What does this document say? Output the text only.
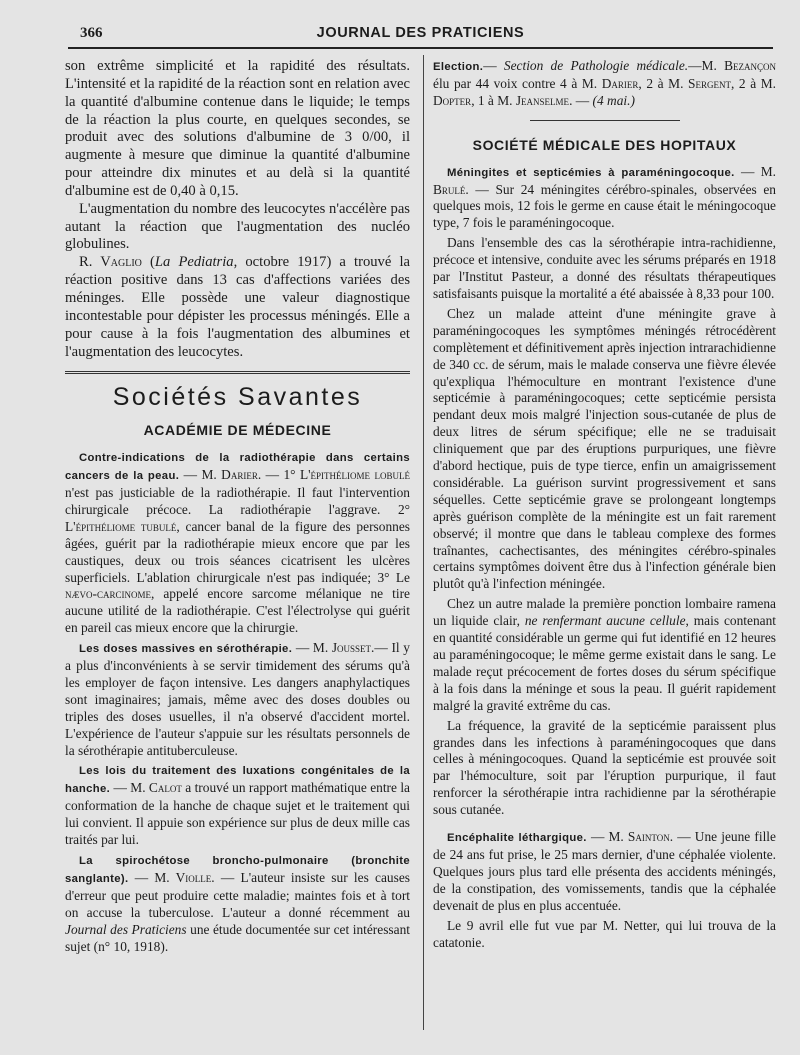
366	JOURNAL DES PRATICIENS

son extrême simplicité et la rapidité des résultats. L'intensité et la rapidité de la réaction sont en relation avec la quantité d'albumine contenue dans le liquide; le temps de la réaction la plus courte, en quelques secondes, se produit avec des solutions d'albumine de 3 0/00, il augmente à mesure que diminue la quantité d'albumine pour atteindre dix minutes et au delà si la quantité d'albumine est de 0,40 à 0,15.

L'augmentation du nombre des leucocytes n'accélère pas autant la réaction que l'augmentation des nucléo globulines.

R. Vaglio (La Pediatria, octobre 1917) a trouvé la réaction positive dans 13 cas d'affections variées des méninges. Elle possède une valeur diagnostique incontestable pour dépister les processus méningés. Elle a pour cause à la fois l'augmentation des albumines et l'augmentation des leucocytes.

Sociétés Savantes
ACADÉMIE DE MÉDECINE

Contre-indications de la radiothérapie dans certains cancers de la peau. — M. Darier. — 1° L'épithéliome lobulé n'est pas justiciable de la radiothérapie. Il faut l'intervention chirurgicale précoce. La radiothérapie l'aggrave. 2° L'épithéliome tubulé, cancer banal de la figure des personnes âgées, guérit par la radiothérapie mieux encore que par les caustiques, deux ou trois séances cicatrisent les ulcères superficiels. L'ablation chirurgicale n'est pas indiquée; 3° Le nævo-carcinome, appelé encore sarcome mélanique ne tire aucune utilité de la radiothérapie. C'est l'électrolyse qui guérit en pareil cas mieux encore que la chirurgie.

Les doses massives en sérothérapie. — M. Jousset.— Il y a plus d'inconvénients à se servir timidement des sérums qu'à les employer de façon intensive. Les dangers anaphylactiques sont imaginaires; jamais, même avec des doses doubles ou triples des doses usuelles, il n'a observé d'accident mortel. L'expérience de l'auteur s'appuie sur les résultats personnels de la sérothérapie antituberculeuse.

Les lois du traitement des luxations congénitales de la hanche. — M. Calot a trouvé un rapport mathématique entre la conformation de la hanche de chaque sujet et le traitement qui lui convient. Il appuie son expérience sur plus de deux mille cas traités par lui.

La spirochétose broncho-pulmonaire (bronchite sanglante). — M. Violle. — L'auteur insiste sur les causes d'erreur que peut produire cette maladie; maintes fois et à tort on accuse la tuberculose. L'auteur a donné récemment au Journal des Praticiens une étude documentée sur cet intéressant sujet (n° 10, 1918).

Election.— Section de Pathologie médicale.—M. Bezançon élu par 44 voix contre 4 à M. Darier, 2 à M. Sergent, 2 à M. Dopter, 1 à M. Jeanselme. — (4 mai.)

SOCIÉTÉ MÉDICALE DES HOPITAUX

Méningites et septicémies à paraméningocoque. — M. Brulé. — Sur 24 méningites cérébro-spinales, observées en quelques mois, 12 fois le germe en cause était le méningocoque type, 7 fois le paraméningocoque.

Dans l'ensemble des cas la sérothérapie intra-rachidienne, précoce et intensive, conduite avec les sérums préparés en 1918 par l'Institut Pasteur, a donné des résultats thérapeutiques satisfaisants puisque la mortalité a été abaissée à 8,33 pour 100.

Chez un malade atteint d'une méningite grave à paraméningocoques les symptômes méningés rétrocédèrent complètement et définitivement après injection intrarachidienne de 340 cc. de sérum, mais le malade conserva une fièvre élevée qu'expliqua l'hémoculture en montrant l'existence d'une septicémie à paraméningocoques; cette septicémie persista pendant deux mois malgré l'injection sous-cutanée de plus de deux litres de sérum spécifique; elle ne se traduisait cliniquement que par des éruptions purpuriques, une fièvre d'abord hectique, puis de type tierce, enfin un amaigrissement considérable. La guérison survint progressivement et sans séquelles. Cette septicémie grave se prolongeant longtemps après guérison complète de la méningite est un fait rarement observé; il montre que dans le tableau complexe des formes traînantes, cachectisantes, des méningites cérébro-spinales certains symptômes doivent être dus à l'infection générale bien plutôt qu'à l'infection méningée.

Chez un autre malade la première ponction lombaire ramena un liquide clair, ne renfermant aucune cellule, mais contenant en quantité considérable un germe qui fut identifié en 12 heures au paraméningocoque; le même germe existait dans le sang. Le malade reçut précocement de fortes doses du sérum spécifique à la fois dans la méninge et sous la peau. Il guérit rapidement malgré la gravité extrême du cas.

La fréquence, la gravité de la septicémie paraissent plus grandes dans les infections à paraméningocoques que dans celles à méningocoques. Quand la septicémie est prouvée soit par l'hémoculture, soit par l'éruption purpurique, il faut renforcer la sérothérapie intra rachidienne par la sérothérapie sous cutanée.

Encéphalite léthargique. — M. Sainton. — Une jeune fille de 24 ans fut prise, le 25 mars dernier, d'une céphalée violente. Quelques jours plus tard elle présenta des accidents méningés, de la constipation, des vomissements, tandis que la céphalée devenait de plus en plus accentuée.

Le 9 avril elle fut vue par M. Netter, qui lui trouva de la catatonie.
